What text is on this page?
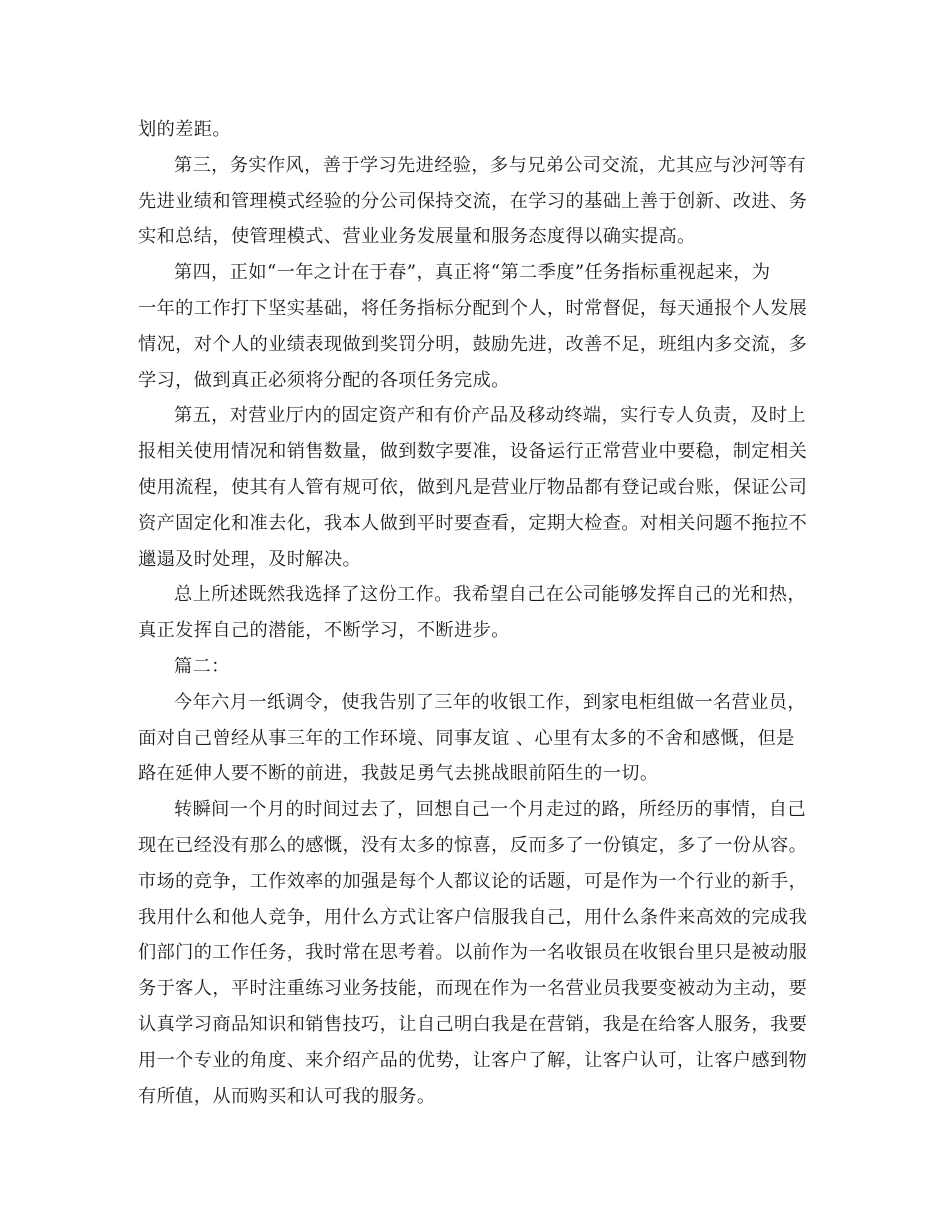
划的差距。
第三，务实作风，善于学习先进经验，多与兄弟公司交流，尤其应与沙河等有
先进业绩和管理模式经验的分公司保持交流，在学习的基础上善于创新、改进、务
实和总结，使管理模式、营业业务发展量和服务态度得以确实提高。
第四，正如“一年之计在于春”，真正将“第二季度”任务指标重视起来，为
一年的工作打下坚实基础，将任务指标分配到个人，时常督促，每天通报个人发展
情况，对个人的业绩表现做到奖罚分明，鼓励先进，改善不足，班组内多交流，多
学习，做到真正必须将分配的各项任务完成。
第五，对营业厅内的固定资产和有价产品及移动终端，实行专人负责，及时上
报相关使用情况和销售数量，做到数字要准，设备运行正常营业中要稳，制定相关
使用流程，使其有人管有规可依，做到凡是营业厅物品都有登记或台账，保证公司
资产固定化和准去化，我本人做到平时要查看，定期大检查。对相关问题不拖拉不
邋遢及时处理，及时解决。
总上所述既然我选择了这份工作。我希望自己在公司能够发挥自己的光和热，
真正发挥自己的潜能，不断学习，不断进步。
篇二：
今年六月一纸调令，使我告别了三年的收银工作，到家电柜组做一名营业员，
面对自己曾经从事三年的工作环境、同事友谊 、心里有太多的不舍和感慨，但是
路在延伸人要不断的前进，我鼓足勇气去挑战眼前陌生的一切。
转瞬间一个月的时间过去了，回想自己一个月走过的路，所经历的事情，自己
现在已经没有那么的感慨，没有太多的惊喜，反而多了一份镇定，多了一份从容。
市场的竞争，工作效率的加强是每个人都议论的话题，可是作为一个行业的新手，
我用什么和他人竞争，用什么方式让客户信服我自己，用什么条件来高效的完成我
们部门的工作任务，我时常在思考着。以前作为一名收银员在收银台里只是被动服
务于客人，平时注重练习业务技能，而现在作为一名营业员我要变被动为主动，要
认真学习商品知识和销售技巧，让自己明白我是在营销，我是在给客人服务，我要
用一个专业的角度、来介绍产品的优势，让客户了解，让客户认可，让客户感到物
有所值，从而购买和认可我的服务。
